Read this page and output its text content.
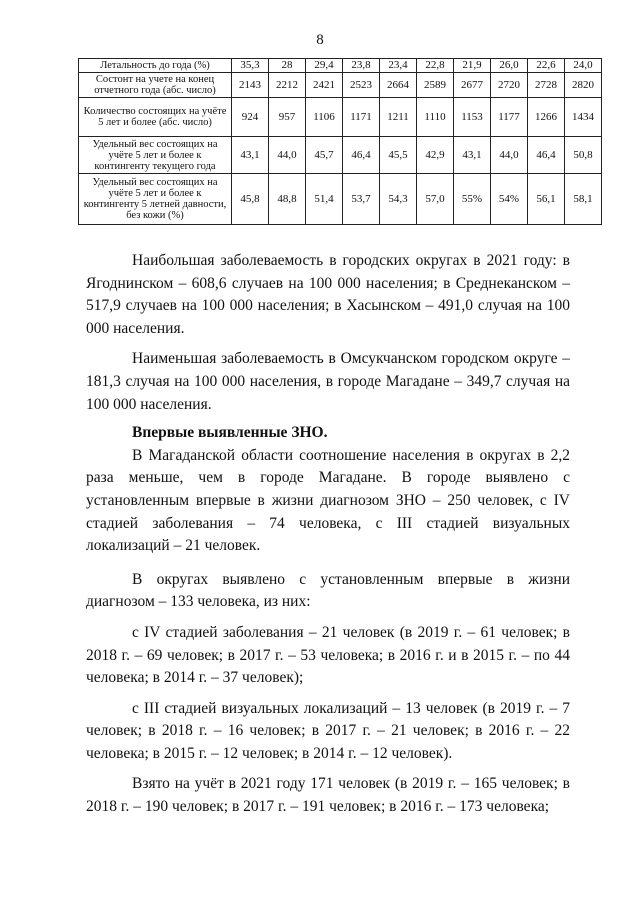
8
Летальность до года (%)	35,3	28	29,4	23,8	23,4	22,8	21,9	26,0	22,6	24,0
Состонт на учете на конец отчетного года (абс. число)	2143	2212	2421	2523	2664	2589	2677	2720	2728	2820
Количество состоящих на учёте 5 лет и более (абс. число)	924	957	1106	1171	1211	1110	1153	1177	1266	1434
Удельный вес состоящих на учёте 5 лет и более к контингенту текущего года	43,1	44,0	45,7	46,4	45,5	42,9	43,1	44,0	46,4	50,8
Удельный вес состоящих на учёте 5 лет и более к контингенту 5 летней давности, без кожи (%)	45,8	48,8	51,4	53,7	54,3	57,0	55%	54%	56,1	58,1

Наибольшая заболеваемость в городских округах в 2021 году: в Ягоднинском – 608,6 случаев на 100 000 населения; в Среднеканском – 517,9 случаев на 100 000 населения; в Хасынском – 491,0 случая на 100 000 населения.

Наименьшая заболеваемость в Омсукчанском городском округе – 181,3 случая на 100 000 населения, в городе Магадане – 349,7 случая на 100 000 населения.

Впервые выявленные ЗНО.

В Магаданской области соотношение населения в округах в 2,2 раза меньше, чем в городе Магадане. В городе выявлено с установленным впервые в жизни диагнозом ЗНО – 250 человек, с IV стадией заболевания – 74 человека, с III стадией визуальных локализаций – 21 человек.

В округах выявлено с установленным впервые в жизни диагнозом – 133 человека, из них:

с IV стадией заболевания – 21 человек (в 2019 г. – 61 человек; в 2018 г. – 69 человек; в 2017 г. – 53 человека; в 2016 г. и в 2015 г. – по 44 человека; в 2014 г. – 37 человек);

с III стадией визуальных локализаций – 13 человек (в 2019 г. – 7 человек; в 2018 г. – 16 человек; в 2017 г. – 21 человек; в 2016 г. – 22 человека; в 2015 г. – 12 человек; в 2014 г. – 12 человек).

Взято на учёт в 2021 году 171 человек (в 2019 г. – 165 человек; в 2018 г. – 190 человек; в 2017 г. – 191 человек; в 2016 г. – 173 человека;
